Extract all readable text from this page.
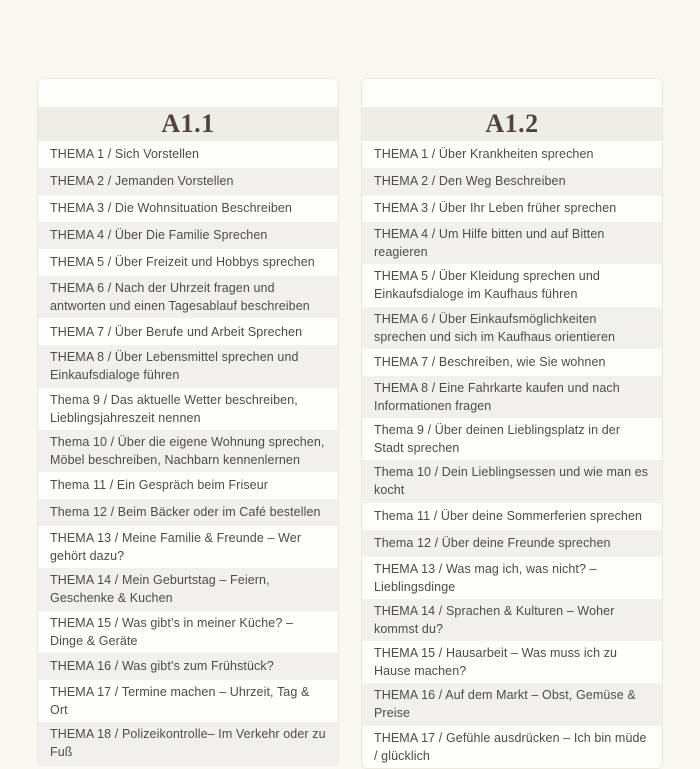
A1.1
THEMA 1 / Sich Vorstellen
THEMA 2 / Jemanden Vorstellen
THEMA 3 / Die Wohnsituation Beschreiben
THEMA 4 / Über Die Familie Sprechen
THEMA 5 / Über Freizeit und Hobbys sprechen
THEMA 6 / Nach der Uhrzeit fragen und antworten und einen Tagesablauf beschreiben
THEMA 7 / Über Berufe und Arbeit Sprechen
THEMA 8 / Über Lebensmittel sprechen und Einkaufsdialoge führen
Thema 9 / Das aktuelle Wetter beschreiben, Lieblingsjahreszeit nennen
Thema 10 / Über die eigene Wohnung sprechen, Möbel beschreiben, Nachbarn kennenlernen
Thema 11 / Ein Gespräch beim Friseur
Thema 12 / Beim Bäcker oder im Café bestellen
THEMA 13 / Meine Familie & Freunde – Wer gehört dazu?
THEMA 14 / Mein Geburtstag – Feiern, Geschenke & Kuchen
THEMA 15 / Was gibt’s in meiner Küche? – Dinge & Geräte
THEMA 16 / Was gibt’s zum Frühstück?
THEMA 17 / Termine machen – Uhrzeit, Tag & Ort
THEMA 18 / Polizeikontrolle– Im Verkehr oder zu Fuß
A1.2
THEMA 1 / Über Krankheiten sprechen
THEMA 2 / Den Weg Beschreiben
THEMA 3 / Über Ihr Leben früher sprechen
THEMA 4 / Um Hilfe bitten und auf Bitten reagieren
THEMA 5 / Über Kleidung sprechen und Einkaufsdialoge im Kaufhaus führen
THEMA 6 / Über Einkaufsmöglichkeiten sprechen und sich im Kaufhaus orientieren
THEMA 7 / Beschreiben, wie Sie wohnen
THEMA 8 / Eine Fahrkarte kaufen und nach Informationen fragen
Thema 9 / Über deinen Lieblingsplatz in der Stadt sprechen
Thema 10 / Dein Lieblingsessen und wie man es kocht
Thema 11 / Über deine Sommerferien sprechen
Thema 12 / Über deine Freunde sprechen
THEMA 13 / Was mag ich, was nicht? – Lieblingsdinge
THEMA 14 / Sprachen & Kulturen – Woher kommst du?
THEMA 15 / Hausarbeit – Was muss ich zu Hause machen?
THEMA 16 / Auf dem Markt – Obst, Gemüse & Preise
THEMA 17 / Gefühle ausdrücken – Ich bin müde / glücklich
